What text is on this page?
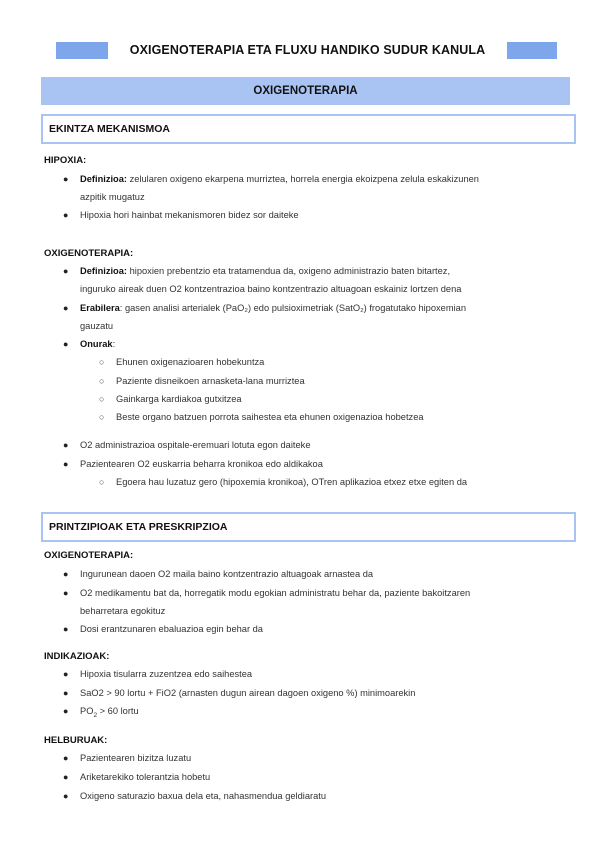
OXIGENOTERAPIA ETA FLUXU HANDIKO SUDUR KANULA
OXIGENOTERAPIA
EKINTZA MEKANISMOA
HIPOXIA:
● Definizioa: zelularen oxigeno ekarpena murriztea, horrela energia ekoizpena zelula eskakizunen
azpitik mugatuz
● Hipoxia hori hainbat mekanismoren bidez sor daiteke
OXIGENOTERAPIA:
● Definizioa: hipoxien prebentzio eta tratamendua da, oxigeno administrazio baten bitartez,
inguruko aireak duen O2 kontzentrazioa baino kontzentrazio altuagoan eskainiz lortzen dena
● Erabilera: gasen analisi arterialek (PaO₂) edo pulsioximetriak (SatO₂) frogatutako hipoxemian
gauzatu
● Onurak:
○ Ehunen oxigenazioaren hobekuntza
○ Paziente disneikoen arnasketa-lana murriztea
○ Gainkarga kardiakoa gutxitzea
○ Beste organo batzuen porrota saihestea eta ehunen oxigenazioa hobetzea
● O2 administrazioa ospitale-eremuari lotuta egon daiteke
● Pazientearen O2 euskarria beharra kronikoa edo aldikakoa
○ Egoera hau luzatuz gero (hipoxemia kronikoa), OTren aplikazioa etxez etxe egiten da
PRINTZIPIOAK ETA PRESKRIPZIOA
OXIGENOTERAPIA:
● Ingurunean daoen O2 maila baino kontzentrazio altuagoak arnastea da
● O2 medikamentu bat da, horregatik modu egokian administratu behar da, paziente bakoitzaren
beharretara egokituz
● Dosi erantzunaren ebaluazioa egin behar da
INDIKAZIOAK:
● Hipoxia tisularra zuzentzea edo saihestea
● SaO2 > 90 lortu + FiO2 (arnasten dugun airean dagoen oxigeno %) minimoarekin
● $PO_2 > 60$ lortu
HELBURUAK:
● Pazientearen bizitza luzatu
● Ariketarekiko tolerantzia hobetu
● Oxigeno saturazio baxua dela eta, nahasmendua geldiaratu
